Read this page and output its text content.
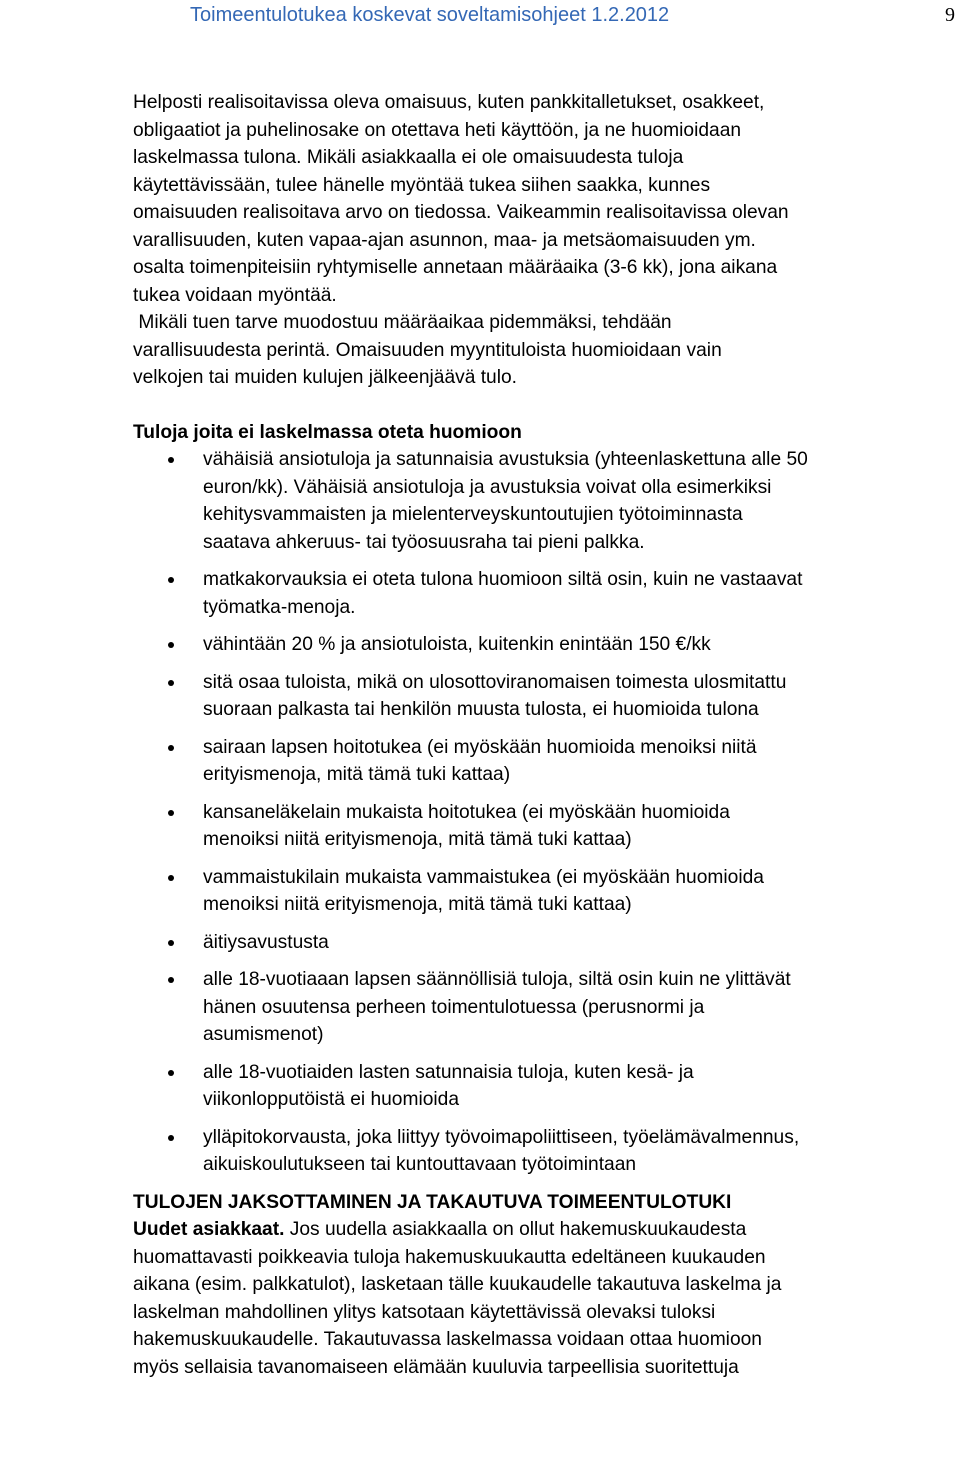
Toimeentulotukea koskevat soveltamisohjeet 1.2.2012	9
Helposti realisoitavissa oleva omaisuus, kuten pankkitalletukset, osakkeet,
obligaatiot ja puhelinosake on otettava heti käyttöön, ja ne huomioidaan
laskelmassa tulona. Mikäli asiakkaalla ei ole omaisuudesta tuloja
käytettävissään, tulee hänelle myöntää tukea siihen saakka, kunnes
omaisuuden realisoitava arvo on tiedossa. Vaikeammin realisoitavissa olevan
varallisuuden, kuten vapaa-ajan asunnon, maa- ja metsäomaisuuden ym.
osalta toimenpiteisiin ryhtymiselle annetaan määräaika (3-6 kk), jona aikana
tukea voidaan myöntää.
Mikäli tuen tarve muodostuu määräaikaa pidemmäksi, tehdään
varallisuudesta perintä. Omaisuuden myyntituloista huomioidaan vain
velkojen tai muiden kulujen jälkeenjäävä tulo.

Tuloja joita ei laskelmassa oteta huomioon

vähäisiä ansiotuloja ja satunnaisia avustuksia (yhteenlaskettuna alle 50
euron/kk). Vähäisiä ansiotuloja ja avustuksia voivat olla esimerkiksi
kehitysvammaisten ja mielenterveyskuntoutujien työtoiminnasta
saatava ahkeruus- tai työosuusraha tai pieni palkka.
matkakorvauksia ei oteta tulona huomioon siltä osin, kuin ne vastaavat
työmatka-menoja.
vähintään 20 % ja ansiotuloista, kuitenkin enintään 150 €/kk
sitä osaa tuloista, mikä on ulosottoviranomaisen toimesta ulosmitattu
suoraan palkasta tai henkilön muusta tulosta, ei huomioida tulona
sairaan lapsen hoitotukea (ei myöskään huomioida menoiksi niitä
erityismenoja, mitä tämä tuki kattaa)
kansaneläkelain mukaista hoitotukea (ei myöskään huomioida
menoiksi niitä erityismenoja, mitä tämä tuki kattaa)
vammaistukilain mukaista vammaistukea (ei myöskään huomioida
menoiksi niitä erityismenoja, mitä tämä tuki kattaa)
äitiysavustusta
alle 18-vuotiaaan lapsen säännöllisiä tuloja, siltä osin kuin ne ylittävät
hänen osuutensa perheen toimentulotuessa (perusnormi ja
asumismenot)
alle 18-vuotiaiden lasten satunnaisia tuloja, kuten kesä- ja
viikonlopputöistä ei huomioida
ylläpitokorvausta, joka liittyy työvoimapoliittiseen, työelämävalmennus,
aikuiskoulutukseen tai kuntouttavaan työtoimintaan

TULOJEN JAKSOTTAMINEN JA TAKAUTUVA TOIMEENTULOTUKI

Uudet asiakkaat. Jos uudella asiakkaalla on ollut hakemuskuukaudesta
huomattavasti poikkeavia tuloja hakemuskuukautta edeltäneen kuukauden
aikana (esim. palkkatulot), lasketaan tälle kuukaudelle takautuva laskelma ja
laskelman mahdollinen ylitys katsotaan käytettävissä olevaksi tuloksi
hakemuskuukaudelle. Takautuvassa laskelmassa voidaan ottaa huomioon
myös sellaisia tavanomaiseen elämään kuuluvia tarpeellisia suoritettuja
